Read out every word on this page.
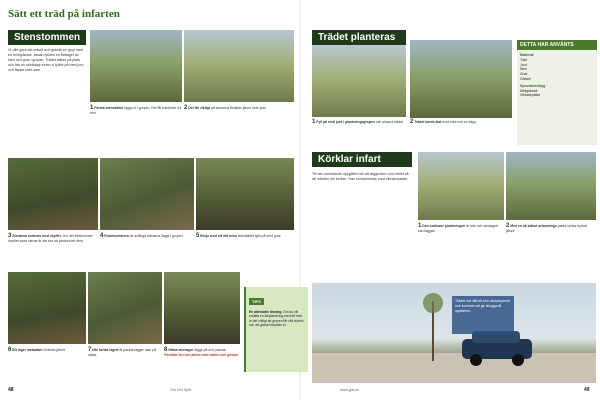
Sätt ett träd på infarten
Stenstommen
Vi ville göra det enkelt och grävde en grop med en minigrävare, sedan fylldes en bärlager av sten och grus i gropen. Trädet sattes på plats och fick en stödkäpp innan vi fyllde på med jord och täckte med sten.
1 Första stenskiktet läggs ut i gropen. Det får fraktioner 64 mm.
2 Det får viktigt att stenarna fördelas jämnt över ytan.
3 Stenarna sorteras med skyffel. Om det förekommer mycket stora stenar är det bra att plocka bort dem.
4 Rotrekonstrera de avlånga stenarna läggs i gropen.	5 Börja med ett rikt mixa stenskiktet fylls på med grus.
6 Ett lager makadam fördelas jämnt.	7 När första lagret är packat lägger man på nästa.
8 Nästa stenlager läggs på och packas. Fördelat fint och jämnt med vatten och gödsel.
TIPS
En alternativ lösning. Om du vill ersätta en lökplantering med ett träd är det viktigt att gropen får rätt storlek och att gödsel blandas in.
Trädet planteras
1 Fyll på med jord i planteringsgropen och placera trädet.	2 Trädet binds fast med stöd mot en käpp.
DETTA HAR ANVÄNTS
Material
Träd
Jord
Sten
Grus
Gödsel
Specialverktyg
Minigrävare
Vibratorplatta
Körklar infart
Till den avslutande uppgiften hör att lägga sten runt trädet så att infarten blir körbar. Ytan komprimeras med vibratorplatta.
1 Den ordinarie planteringen är klar och stenlagret kan läggas.
2 Med en så kallad avlastnings platta sprids trycket jämnt.
Trädet har fått ett bra växtutrymme och kommer att ge skugga åt uppfarten.
48	Gör Det Själv	www.gds.se	49
